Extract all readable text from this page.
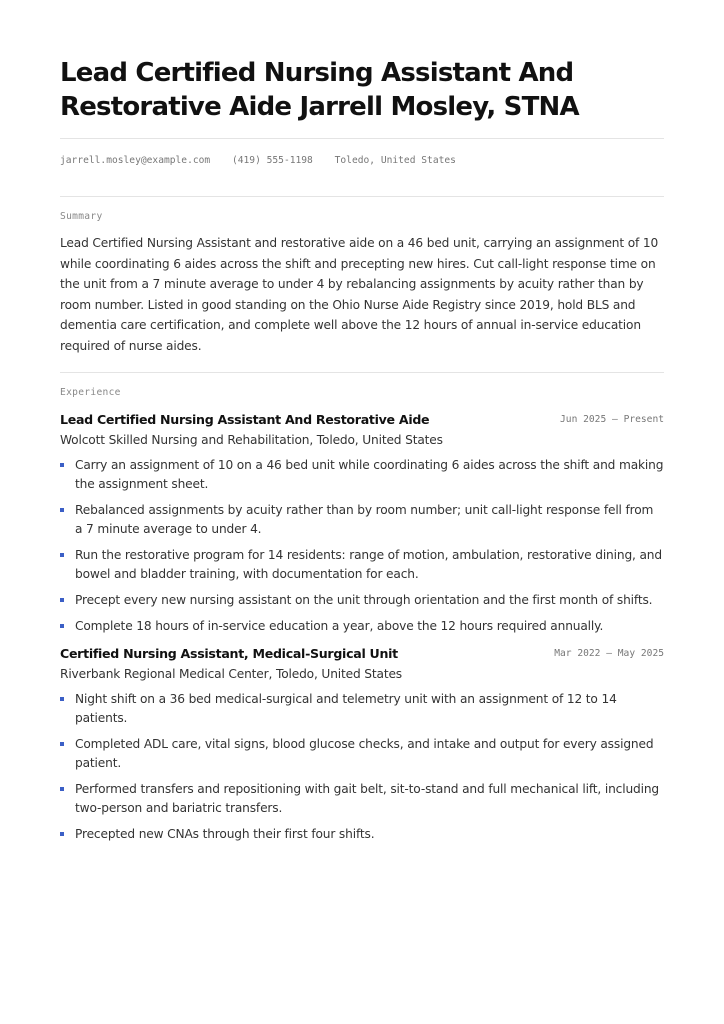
Lead Certified Nursing Assistant And Restorative Aide Jarrell Mosley, STNA
jarrell.mosley@example.com (419) 555-1198 Toledo, United States
Summary
Lead Certified Nursing Assistant and restorative aide on a 46 bed unit, carrying an assignment of 10 while coordinating 6 aides across the shift and precepting new hires. Cut call-light response time on the unit from a 7 minute average to under 4 by rebalancing assignments by acuity rather than by room number. Listed in good standing on the Ohio Nurse Aide Registry since 2019, hold BLS and dementia care certification, and complete well above the 12 hours of annual in-service education required of nurse aides.
Experience
Lead Certified Nursing Assistant And Restorative Aide	Jun 2025 — Present
Wolcott Skilled Nursing and Rehabilitation, Toledo, United States
Carry an assignment of 10 on a 46 bed unit while coordinating 6 aides across the shift and making the assignment sheet.
Rebalanced assignments by acuity rather than by room number; unit call-light response fell from a 7 minute average to under 4.
Run the restorative program for 14 residents: range of motion, ambulation, restorative dining, and bowel and bladder training, with documentation for each.
Precept every new nursing assistant on the unit through orientation and the first month of shifts.
Complete 18 hours of in-service education a year, above the 12 hours required annually.
Certified Nursing Assistant, Medical-Surgical Unit	Mar 2022 — May 2025
Riverbank Regional Medical Center, Toledo, United States
Night shift on a 36 bed medical-surgical and telemetry unit with an assignment of 12 to 14 patients.
Completed ADL care, vital signs, blood glucose checks, and intake and output for every assigned patient.
Performed transfers and repositioning with gait belt, sit-to-stand and full mechanical lift, including two-person and bariatric transfers.
Precepted new CNAs through their first four shifts.
